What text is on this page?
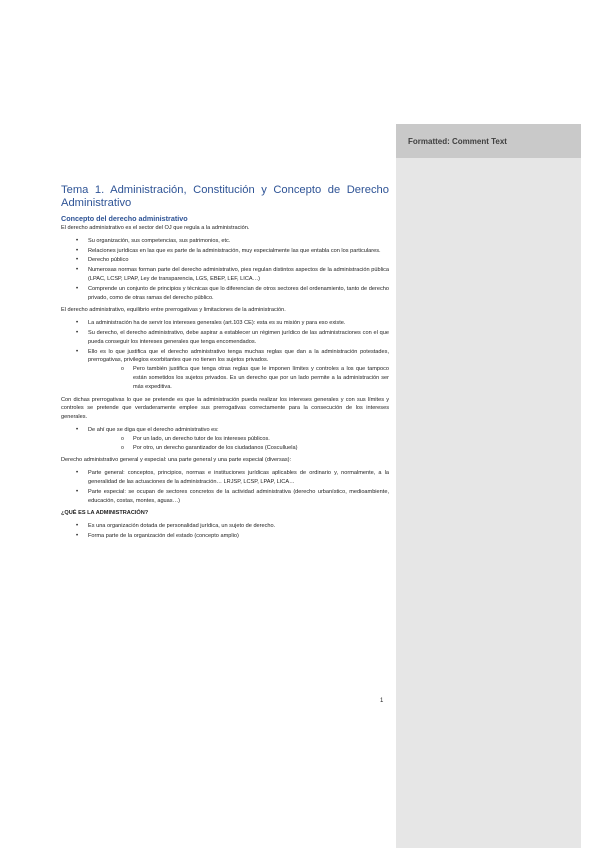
Formatted: Comment Text
Tema 1. Administración, Constitución y Concepto de Derecho Administrativo
Concepto del derecho administrativo

El derecho administrativo es el sector del OJ que regula a la administración.

• Su organización, sus competencias, sus patrimonios, etc.
• Relaciones jurídicas en las que es parte de la administración, muy especialmente las que entabla con los particulares.
• Derecho público
• Numerosas normas forman parte del derecho administrativo, pies regulan distintos aspectos de la administración pública (LPAC, LCSP, LPAP, Ley de transparencia, LGS, EBEP, LEF, LICA…)
• Comprende un conjunto de principios y técnicas que lo diferencian de otros sectores del ordenamiento, tanto de derecho privado, como de otras ramas del derecho público.

El derecho administrativo, equilibrio entre prerrogativas y limitaciones de la administración.

• La administración ha de servir los intereses generales (art.103 CE): esta es su misión y para eso existe.
• Su derecho, el derecho administrativo, debe aspirar a establecer un régimen jurídico de las administraciones con el que pueda conseguir los intereses generales que tenga encomendados.
• Ello es lo que justifica que el derecho administrativo tenga muchas reglas que dan a la administración potestades, prerrogativas, privilegios exorbitantes que no tienen los sujetos privados.
o Pero también justifica que tenga otras reglas que le imponen límites y controles a los que tampoco están sometidos los sujetos privados. Es un derecho que por un lado permite a la administración ser más expeditiva.

Con dichas prerrogativas lo que se pretende es que la administración pueda realizar los intereses generales y con sus límites y controles se pretende que verdaderamente emplee sus prerrogativas correctamente para la consecución de los intereses generales.

• De ahí que se diga que el derecho administrativo es:
o Por un lado, un derecho tutor de los intereses públicos.
o Por otro, un derecho garantizador de los ciudadanos (Cosculluela)

Derecho administrativo general y especial: una parte general y una parte especial (diversas):

• Parte general: conceptos, principios, normas e instituciones jurídicas aplicables de ordinario y, normalmente, a la generalidad de las actuaciones de la administración… LRJSP, LCSP, LPAP, LICA…
• Parte especial: se ocupan de sectores concretos de la actividad administrativa (derecho urbanístico, medioambiente, educación, costas, montes, aguas…)

¿QUÉ ES LA ADMINISTRACIÓN?

• Es una organización dotada de personalidad jurídica, un sujeto de derecho.
• Forma parte de la organización del estado (concepto amplio)
1
